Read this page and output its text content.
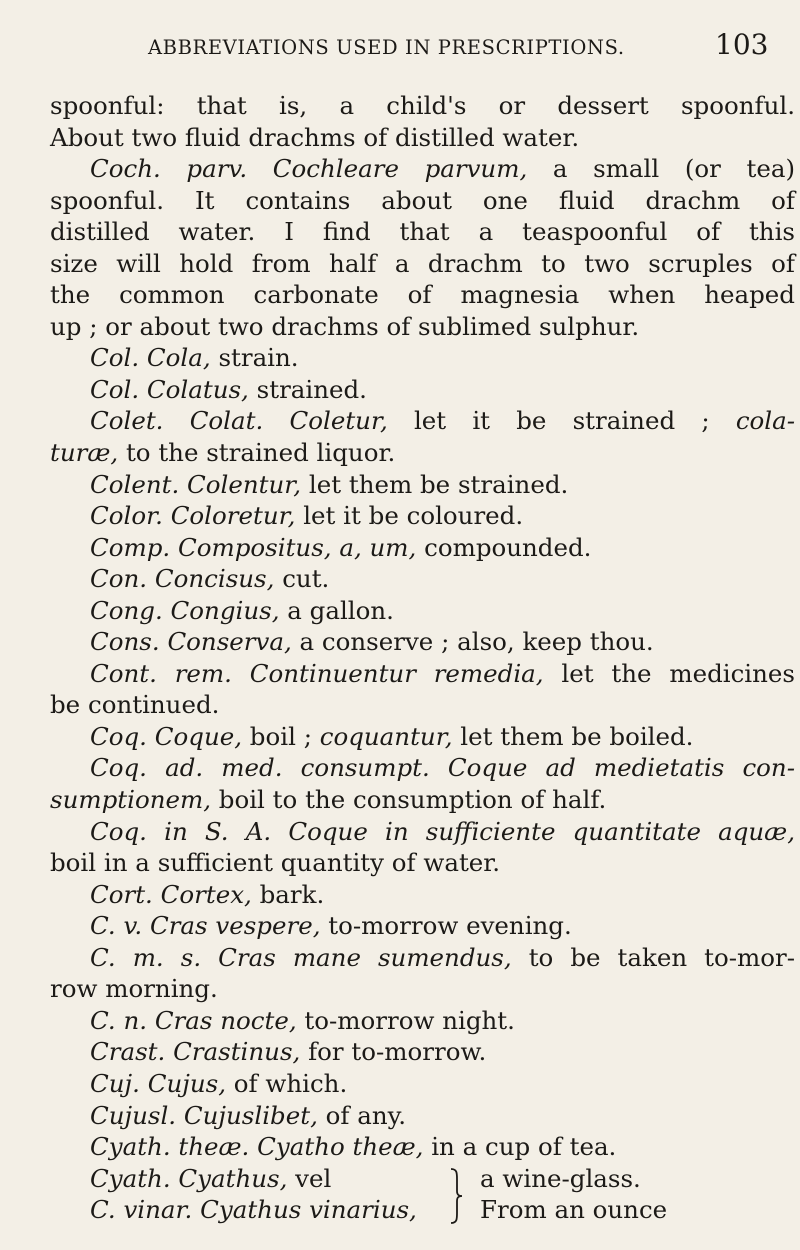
ABBREVIATIONS USED IN PRESCRIPTIONS.	103
spoonful: that is, a child's or dessert spoonful.
About two fluid drachms of distilled water.
Coch. parv. Cochleare parvum, a small (or tea)
spoonful. It contains about one fluid drachm of
distilled water. I find that a teaspoonful of this
size will hold from half a drachm to two scruples of
the common carbonate of magnesia when heaped
up ; or about two drachms of sublimed sulphur.
Col. Cola, strain.
Col. Colatus, strained.
Colet. Colat. Coletur, let it be strained ; cola-
turæ, to the strained liquor.
Colent. Colentur, let them be strained.
Color. Coloretur, let it be coloured.
Comp. Compositus, a, um, compounded.
Con. Concisus, cut.
Cong. Congius, a gallon.
Cons. Conserva, a conserve ; also, keep thou.
Cont. rem. Continuentur remedia, let the medicines
be continued.
Coq. Coque, boil ; coquantur, let them be boiled.
Coq. ad. med. consumpt. Coque ad medietatis con-
sumptionem, boil to the consumption of half.
Coq. in S. A. Coque in sufficiente quantitate aquæ,
boil in a sufficient quantity of water.
Cort. Cortex, bark.
C. v. Cras vespere, to-morrow evening.
C. m. s. Cras mane sumendus, to be taken to-mor-
row morning.
C. n. Cras nocte, to-morrow night.
Crast. Crastinus, for to-morrow.
Cuj. Cujus, of which.
Cujusl. Cujuslibet, of any.
Cyath. theæ. Cyatho theæ, in a cup of tea.
Cyath. Cyathus, vel	a wine-glass.
C. vinar. Cyathus vinarius,	From an ounce
